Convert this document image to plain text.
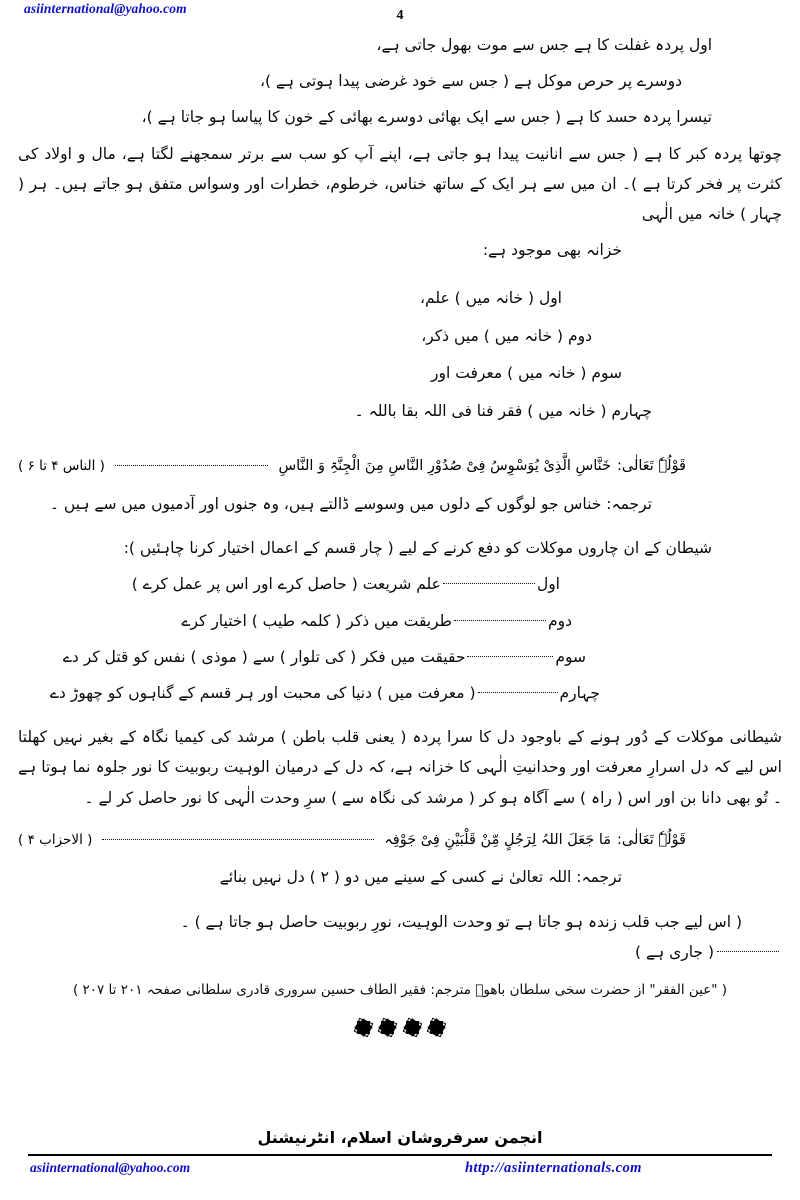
asiinternational@yahoo.com	4
اول پردہ غفلت کا ہے جس سے موت بھول جاتی ہے،
دوسرے پر حرص موکل ہے ( جس سے خود غرضی پیدا ہوتی ہے )،
تیسرا پردہ حسد کا ہے ( جس سے ایک بھائی دوسرے بھائی کے خون کا پیاسا ہو جاتا ہے )،
چوتھا پردہ کبر کا ہے ( جس سے انانیت پیدا ہو جاتی ہے، اپنے آپ کو سب سے برتر سمجھنے لگتا ہے، مال و اولاد کی کثرت پر فخر کرتا ہے )۔ ان میں سے ہر ایک کے ساتھ خناس، خرطوم، خطرات اور وسواس متفق ہو جاتے ہیں۔ ہر ( چہار ) خانہ میں الٰہی
خزانہ بھی موجود ہے:
اول ( خانہ میں ) علم،
دوم ( خانہ میں ) میں ذکر،
سوم ( خانہ میں ) معرفت اور
چہارم ( خانہ میں ) فقر فنا فی اللہ بقا باللہ ۔
قَوْلُہٗ تَعَالٰی:
خَنَّاسِ الَّذِیْ یُوَسْوِسُ فِیْ صُدُوْرِ النَّاسِ مِنَ الْجِنَّۃِ وَ النَّاسِ
( الناس ۴ تا ۶ )
ترجمہ: خناس جو لوگوں کے دلوں میں وسوسے ڈالتے ہیں، وہ جنوں اور آدمیوں میں سے ہیں ۔
شیطان کے ان چاروں موکلات کو دفع کرنے کے لیے ( چار قسم کے اعمال اختیار کرنا چاہئیں ):
اول
علم شریعت ( حاصل کرے اور اس پر عمل کرے )
دوم
طریقت میں ذکر ( کلمہ طیب ) اختیار کرے
سوم
حقیقت میں فکر ( کی تلوار ) سے ( موذی ) نفس کو قتل کر دے
چہارم
( معرفت میں ) دنیا کی محبت اور ہر قسم کے گناہوں کو چھوڑ دے
شیطانی موکلات کے دُور ہونے کے باوجود دل کا سرا پردہ ( یعنی قلب باطن ) مرشد کی کیمیا نگاہ کے بغیر نہیں کھلتا اس لیے کہ دل اسرارِ معرفت اور وحدانیتِ الٰہی کا خزانہ ہے، کہ دل کے درمیان الوہیت ربوبیت کا نور جلوہ نما ہوتا ہے ۔ تُو بھی دانا بن اور اس ( راہ ) سے آگاہ ہو کر ( مرشد کی نگاہ سے ) سرِ وحدت الٰہی کا نور حاصل کر لے ۔
قَوْلُہٗ تَعَالٰی:
مَا جَعَلَ اللہُ لِرَجُلٍ مِّنْ قَلْبَیْنِ فِیْ جَوْفِہ
( الاحزاب ۴ )
ترجمہ: اللہ تعالیٰ نے کسی کے سینے میں دو ( ۲ ) دل نہیں بنائے
( اس لیے جب قلب زندہ ہو جاتا ہے تو وحدت الوہیت، نورِ ربوبیت حاصل ہو جاتا ہے ) ۔
( جاری ہے )
( "عین الفقر" از حضرت سخی سلطان باھوؒ مترجم: فقیر الطاف حسین سروری قادری سلطانی صفحہ ۲۰۱ تا ۲۰۷ )

انجمن سرفروشان اسلام، انٹرنیشنل
asiinternational@yahoo.com	http://asiinternationals.com
